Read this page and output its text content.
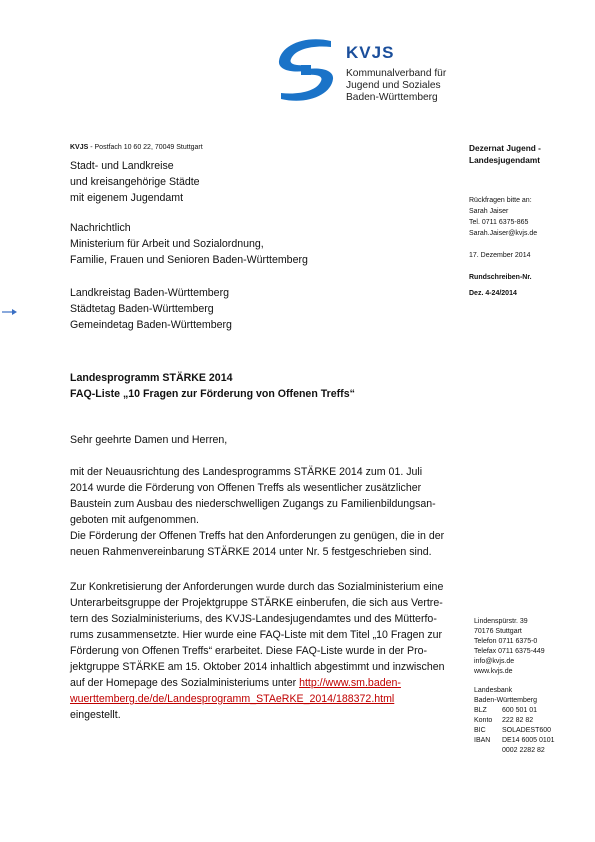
KVJS
Kommunalverband für
Jugend und Soziales
Baden-Württemberg
KVJS - Postfach 10 60 22, 70049 Stuttgart
Stadt- und Landkreise
und kreisangehörige Städte
mit eigenem Jugendamt
Nachrichtlich
Ministerium für Arbeit und Sozialordnung,
Familie, Frauen und Senioren Baden-Württemberg
Landkreistag Baden-Württemberg
Städtetag Baden-Württemberg
Gemeindetag Baden-Württemberg
Dezernat Jugend -
Landesjugendamt
Rückfragen bitte an:
Sarah Jaiser
Tel. 0711 6375-865
Sarah.Jaiser@kvjs.de
17. Dezember 2014
Rundschreiben-Nr.
Dez. 4-24/2014
Landesprogramm STÄRKE 2014
FAQ-Liste „10 Fragen zur Förderung von Offenen Treffs“
Sehr geehrte Damen und Herren,
mit der Neuausrichtung des Landesprogramms STÄRKE 2014 zum 01. Juli
2014 wurde die Förderung von Offenen Treffs als wesentlicher zusätzlicher
Baustein zum Ausbau des niederschwelligen Zugangs zu Familienbildungsan-
geboten mit aufgenommen.
Die Förderung der Offenen Treffs hat den Anforderungen zu genügen, die in der
neuen Rahmenvereinbarung STÄRKE 2014 unter Nr. 5 festgeschrieben sind.
Zur Konkretisierung der Anforderungen wurde durch das Sozialministerium eine
Unterarbeitsgruppe der Projektgruppe STÄRKE einberufen, die sich aus Vertre-
tern des Sozialministeriums, des KVJS-Landesjugendamtes und des Mütterfo-
rums zusammensetzte. Hier wurde eine FAQ-Liste mit dem Titel „10 Fragen zur
Förderung von Offenen Treffs“ erarbeitet. Diese FAQ-Liste wurde in der Pro-
jektgruppe STÄRKE am 15. Oktober 2014 inhaltlich abgestimmt und inzwischen
auf der Homepage des Sozialministeriums unter http://www.sm.baden-
wuerttemberg.de/de/Landesprogramm_STAeRKE_2014/188372.html
eingestellt.
Lindenspürstr. 39
70176 Stuttgart
Telefon 0711 6375-0
Telefax 0711 6375-449
info@kvjs.de
www.kvjs.de
Landesbank
Baden-Württemberg
BLZ	600 501 01
Konto	222 82 82
BIC	SOLADEST600
IBAN	DE14 6005 0101
0002 2282 82
